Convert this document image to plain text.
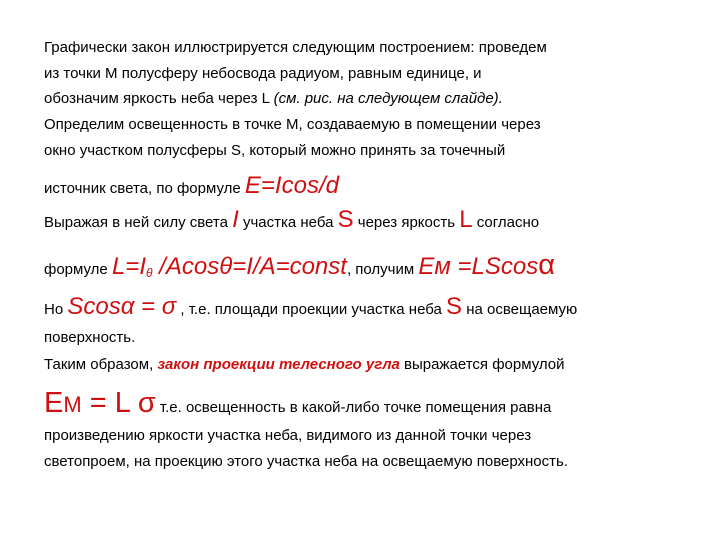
Графически закон иллюстрируется следующим построением: проведем
из точки М полусферу небосвода радиуом, равным единице, и
обозначим яркость неба через L (см. рис. на следующем слайде).
Определим освещенность в точке М, создаваемую в помещении через
окно участком полусферы S, который можно принять за точечный
источник света, по формуле E=Icos/d
Выражая в ней силу света I участка неба S через яркость L согласно
формуле $L=I_\theta$ /Acosθ=I/A=const, получим Eм =LScosα
Но Scosα = σ , т.е. площади проекции участка неба S на освещаемую
поверхность.
Таким образом, закон проекции телесного угла выражается формулой
EM = L σ т.е. освещенность в какой-либо точке помещения равна
произведению яркости участка неба, видимого из данной точки через
светопроем, на проекцию этого участка неба на освещаемую поверхность.
